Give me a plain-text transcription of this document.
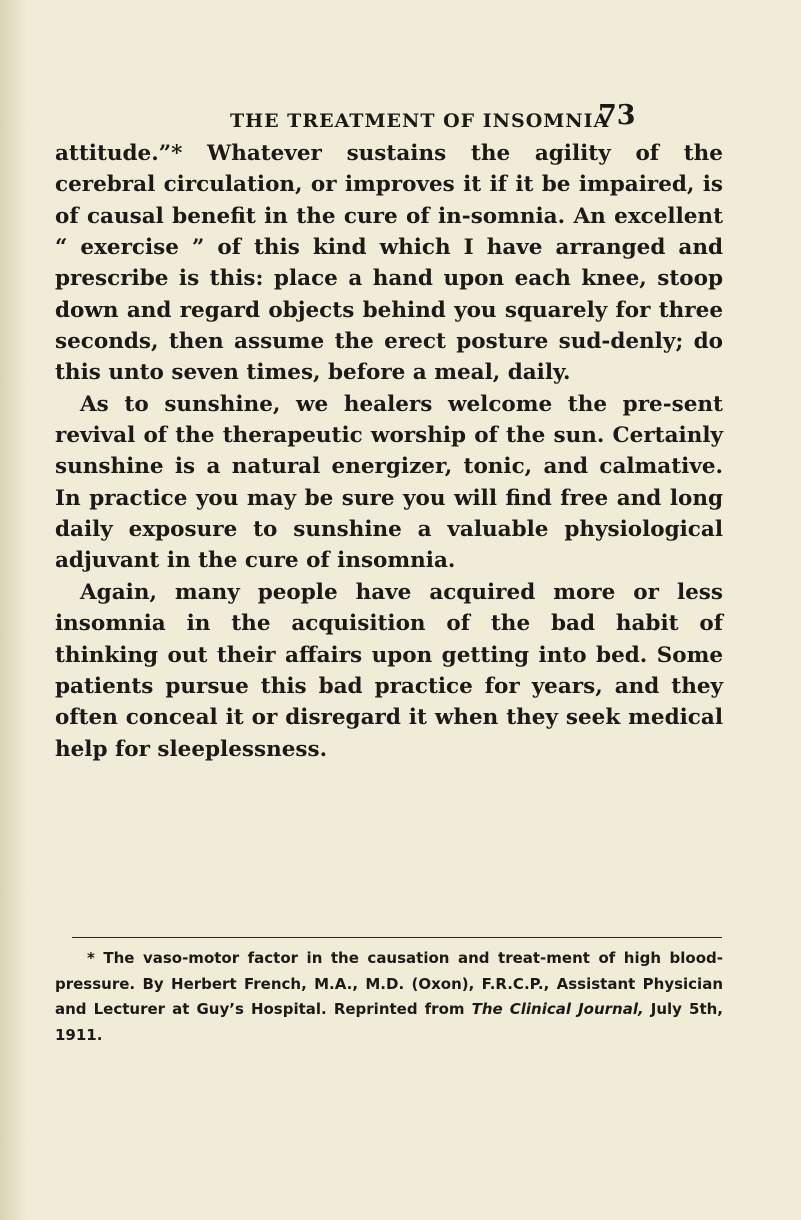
THE TREATMENT OF INSOMNIA
73

attitude.”* Whatever sustains the agility of the cerebral circulation, or improves it if it be impaired, is of causal benefit in the cure of in-somnia. An excellent “ exercise ” of this kind which I have arranged and prescribe is this: place a hand upon each knee, stoop down and regard objects behind you squarely for three seconds, then assume the erect posture sud-denly; do this unto seven times, before a meal, daily.

As to sunshine, we healers welcome the pre-sent revival of the therapeutic worship of the sun. Certainly sunshine is a natural energizer, tonic, and calmative. In practice you may be sure you will find free and long daily exposure to sunshine a valuable physiological adjuvant in the cure of insomnia.

Again, many people have acquired more or less insomnia in the acquisition of the bad habit of thinking out their affairs upon getting into bed. Some patients pursue this bad practice for years, and they often conceal it or disregard it when they seek medical help for sleeplessness.

* The vaso-motor factor in the causation and treat-ment of high blood-pressure. By Herbert French, M.A., M.D. (Oxon), F.R.C.P., Assistant Physician and Lecturer at Guy’s Hospital. Reprinted from The Clinical Journal, July 5th, 1911.
